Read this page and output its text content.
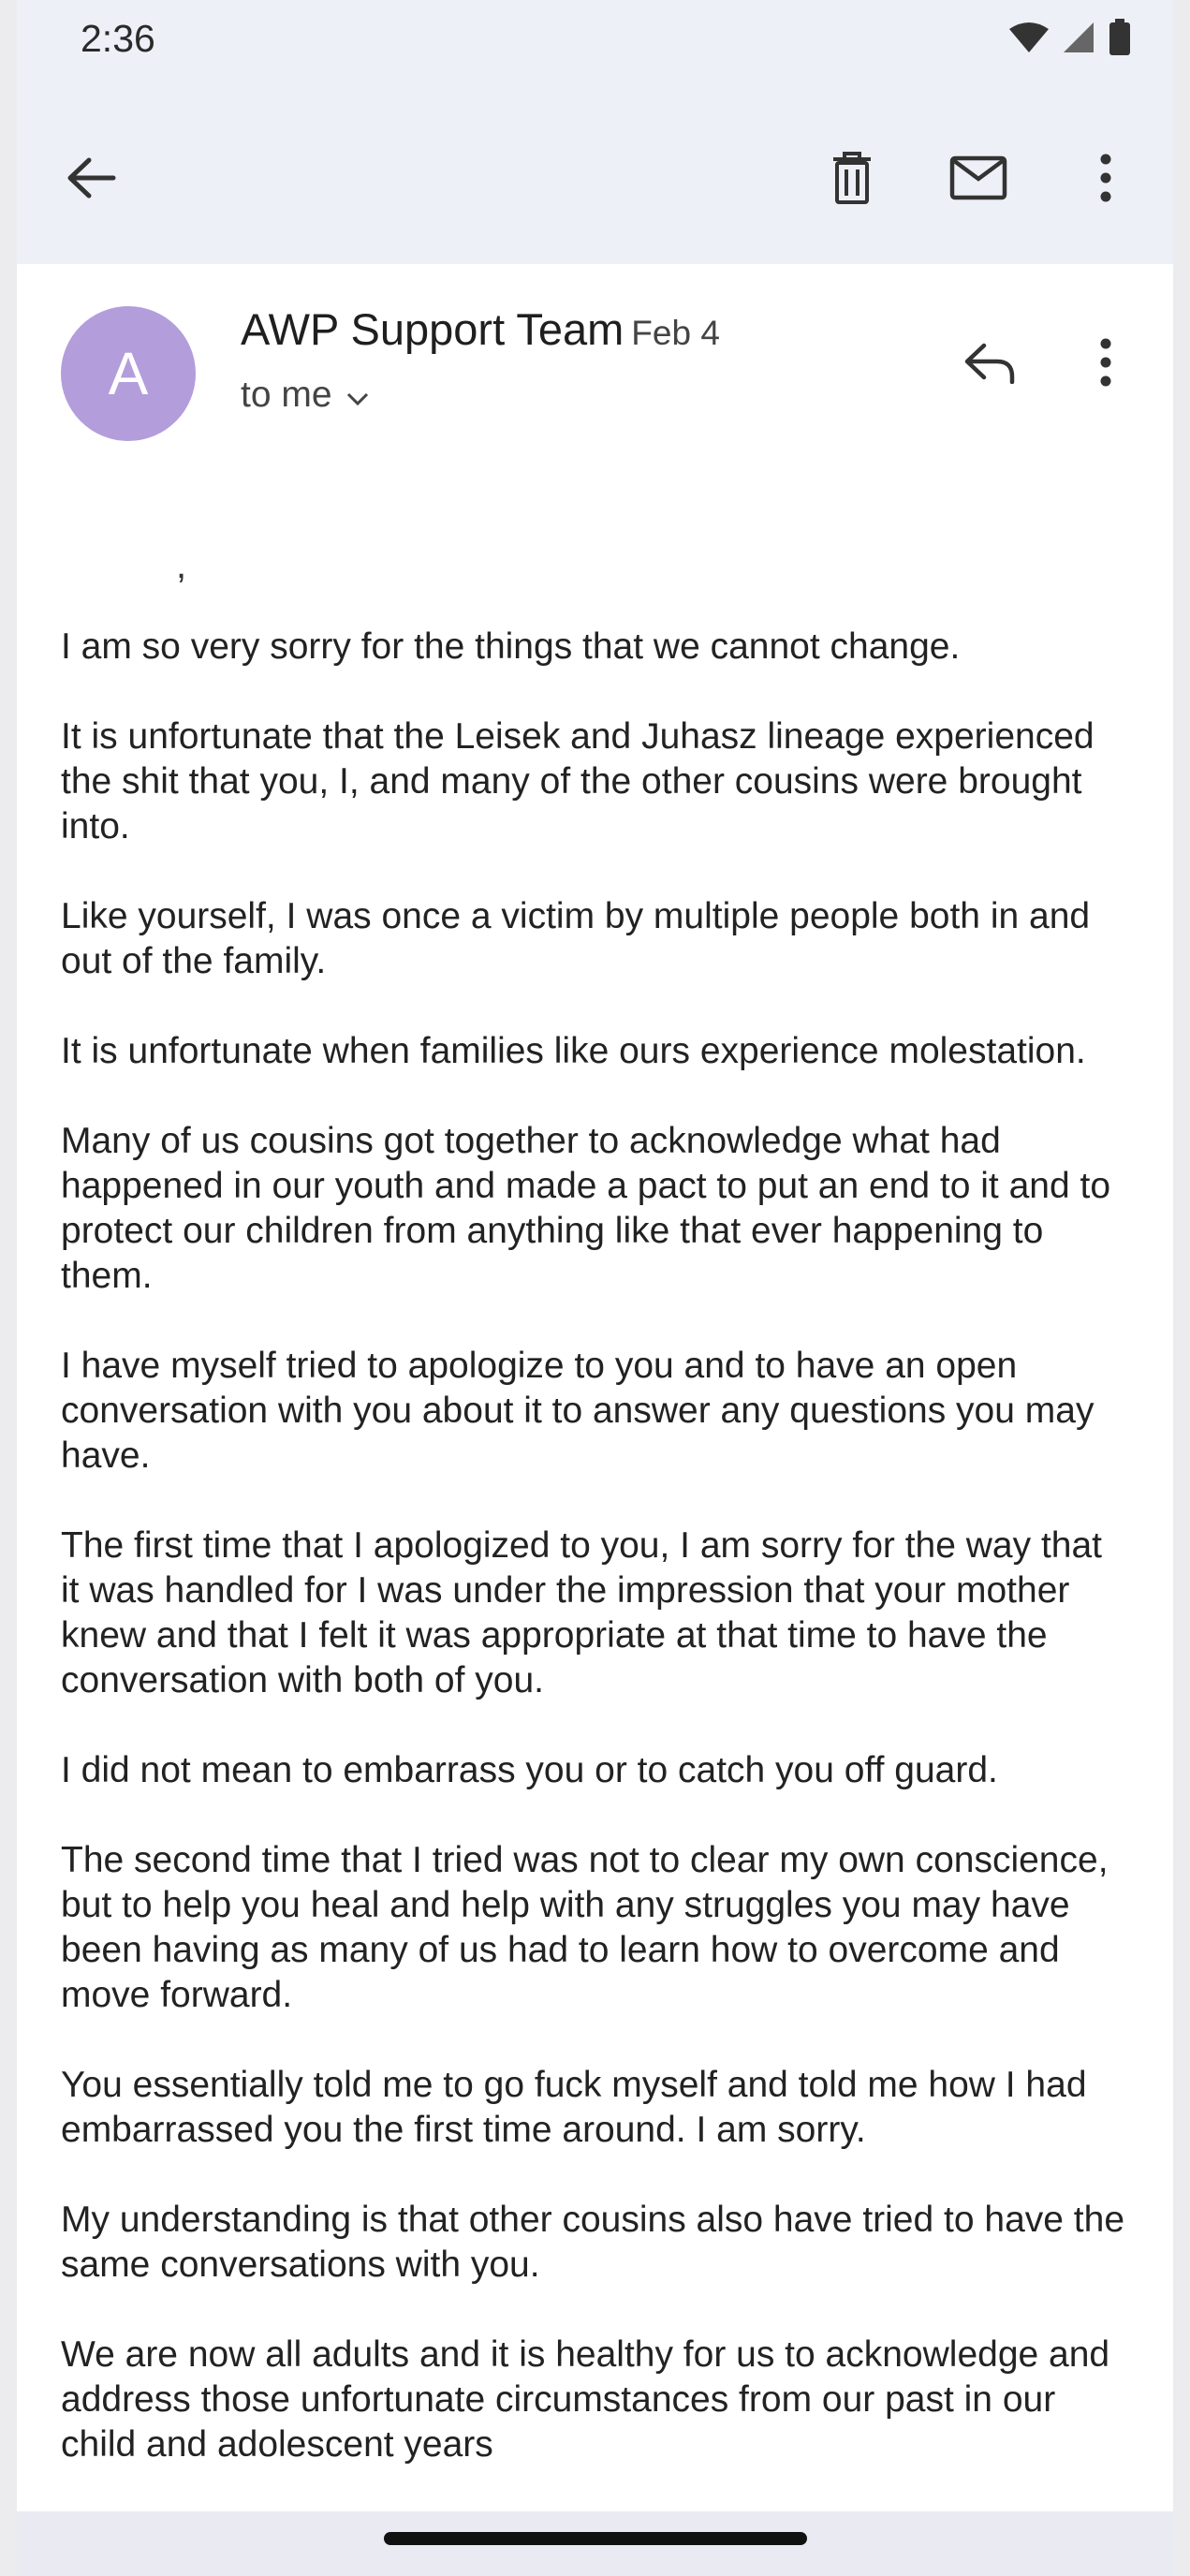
2:36
A
AWP Support Team Feb 4
to me
,

I am so very sorry for the things that we cannot change.

It is unfortunate that the Leisek and Juhasz lineage experienced the shit that you, I, and many of the other cousins were brought into.

Like yourself, I was once a victim by multiple people both in and out of the family.

It is unfortunate when families like ours experience molestation.

Many of us cousins got together to acknowledge what had happened in our youth and made a pact to put an end to it and to protect our children from anything like that ever happening to them.

I have myself tried to apologize to you and to have an open conversation with you about it to answer any questions you may have.

The first time that I apologized to you, I am sorry for the way that it was handled for I was under the impression that your mother knew and that I felt it was appropriate at that time to have the conversation with both of you.

I did not mean to embarrass you or to catch you off guard.

The second time that I tried was not to clear my own conscience, but to help you heal and help with any struggles you may have been having as many of us had to learn how to overcome and move forward.

You essentially told me to go fuck myself and told me how I had embarrassed you the first time around. I am sorry.

My understanding is that other cousins also have tried to have the same conversations with you.

We are now all adults and it is healthy for us to acknowledge and address those unfortunate circumstances from our past in our child and adolescent years
